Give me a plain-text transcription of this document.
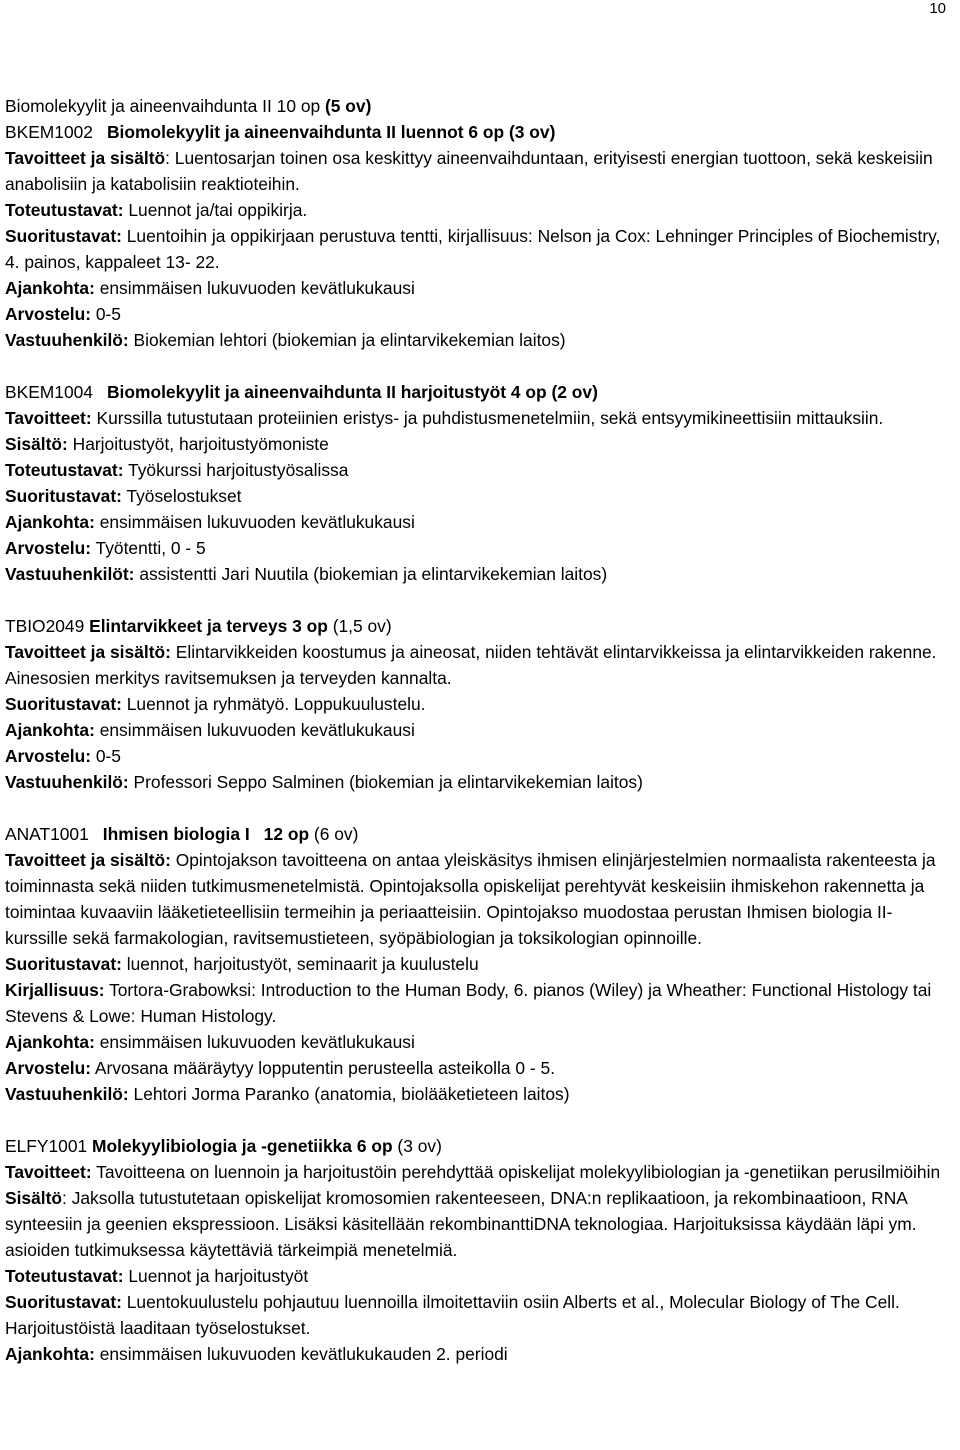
10
Biomolekyylit ja aineenvaihdunta II 10 op (5 ov)
BKEM1002 Biomolekyylit ja aineenvaihdunta II luennot 6 op (3 ov)
Tavoitteet ja sisältö: Luentosarjan toinen osa keskittyy aineenvaihduntaan, erityisesti energian tuottoon, sekä keskeisiin anabolisiin ja katabolisiin reaktioteihin.
Toteutustavat: Luennot ja/tai oppikirja.
Suoritustavat: Luentoihin ja oppikirjaan perustuva tentti, kirjallisuus: Nelson ja Cox: Lehninger Principles of Biochemistry, 4. painos, kappaleet 13- 22.
Ajankohta: ensimmäisen lukuvuoden kevätlukukausi
Arvostelu: 0-5
Vastuuhenkilö: Biokemian lehtori (biokemian ja elintarvikekemian laitos)
BKEM1004 Biomolekyylit ja aineenvaihdunta II harjoitustyöt 4 op (2 ov)
Tavoitteet: Kurssilla tutustutaan proteiinien eristys- ja puhdistusmenetelmiin, sekä entsyymikineettisiin mittauksiin.
Sisältö: Harjoitustyöt, harjoitustyömoniste
Toteutustavat: Työkurssi harjoitustyösalissa
Suoritustavat: Työselostukset
Ajankohta: ensimmäisen lukuvuoden kevätlukukausi
Arvostelu: Työtentti, 0 - 5
Vastuuhenkilöt: assistentti Jari Nuutila (biokemian ja elintarvikekemian laitos)
TBIO2049 Elintarvikkeet ja terveys 3 op (1,5 ov)
Tavoitteet ja sisältö: Elintarvikkeiden koostumus ja aineosat, niiden tehtävät elintarvikkeissa ja elintarvikkeiden rakenne. Ainesosien merkitys ravitsemuksen ja terveyden kannalta.
Suoritustavat: Luennot ja ryhmätyö. Loppukuulustelu.
Ajankohta: ensimmäisen lukuvuoden kevätlukukausi
Arvostelu: 0-5
Vastuuhenkilö: Professori Seppo Salminen (biokemian ja elintarvikekemian laitos)
ANAT1001 Ihmisen biologia I 12 op (6 ov)
Tavoitteet ja sisältö: Opintojakson tavoitteena on antaa yleiskäsitys ihmisen elinjärjestelmien normaalista rakenteesta ja toiminnasta sekä niiden tutkimusmenetelmistä. Opintojaksolla opiskelijat perehtyvät keskeisiin ihmiskehon rakennetta ja toimintaa kuvaaviin lääketieteellisiin termeihin ja periaatteisiin. Opintojakso muodostaa perustan Ihmisen biologia II-kurssille sekä farmakologian, ravitsemustieteen, syöpäbiologian ja toksikologian opinnoille.
Suoritustavat: luennot, harjoitustyöt, seminaarit ja kuulustelu
Kirjallisuus: Tortora-Grabowksi: Introduction to the Human Body, 6. pianos (Wiley) ja Wheather: Functional Histology tai Stevens & Lowe: Human Histology.
Ajankohta: ensimmäisen lukuvuoden kevätlukukausi
Arvostelu: Arvosana määräytyy lopputentin perusteella asteikolla 0 - 5.
Vastuuhenkilö: Lehtori Jorma Paranko (anatomia, biolääketieteen laitos)
ELFY1001 Molekyylibiologia ja -genetiikka 6 op (3 ov)
Tavoitteet: Tavoitteena on luennoin ja harjoitustöin perehdyttää opiskelijat molekyylibiologian ja -genetiikan perusilmiöihin
Sisältö: Jaksolla tutustutetaan opiskelijat kromosomien rakenteeseen, DNA:n replikaatioon, ja rekombinaatioon, RNA synteesiin ja geenien ekspressioon. Lisäksi käsitellään rekombinanttiDNA teknologiaa. Harjoituksissa käydään läpi ym. asioiden tutkimuksessa käytettäviä tärkeimpiä menetelmiä.
Toteutustavat: Luennot ja harjoitustyöt
Suoritustavat: Luentokuulustelu pohjautuu luennoilla ilmoitettaviin osiin Alberts et al., Molecular Biology of The Cell. Harjoitustöistä laaditaan työselostukset.
Ajankohta: ensimmäisen lukuvuoden kevätlukukauden 2. periodi
